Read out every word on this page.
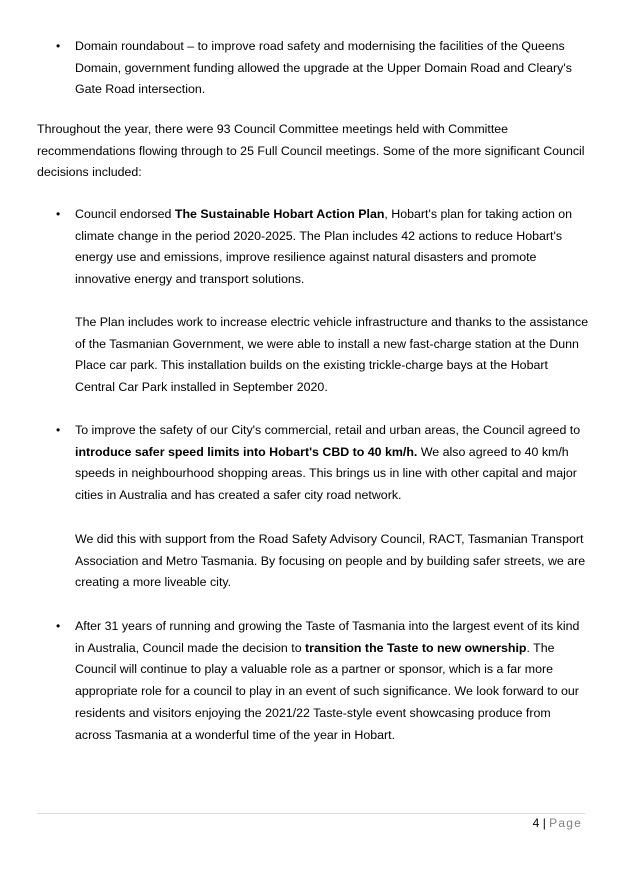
• Domain roundabout – to improve road safety and modernising the facilities of the Queens Domain, government funding allowed the upgrade at the Upper Domain Road and Cleary's Gate Road intersection.

Throughout the year, there were 93 Council Committee meetings held with Committee recommendations flowing through to 25 Full Council meetings. Some of the more significant Council decisions included:

• Council endorsed The Sustainable Hobart Action Plan, Hobart's plan for taking action on climate change in the period 2020-2025. The Plan includes 42 actions to reduce Hobart's energy use and emissions, improve resilience against natural disasters and promote innovative energy and transport solutions.

The Plan includes work to increase electric vehicle infrastructure and thanks to the assistance of the Tasmanian Government, we were able to install a new fast-charge station at the Dunn Place car park. This installation builds on the existing trickle-charge bays at the Hobart Central Car Park installed in September 2020.

• To improve the safety of our City's commercial, retail and urban areas, the Council agreed to introduce safer speed limits into Hobart's CBD to 40 km/h. We also agreed to 40 km/h speeds in neighbourhood shopping areas. This brings us in line with other capital and major cities in Australia and has created a safer city road network.

We did this with support from the Road Safety Advisory Council, RACT, Tasmanian Transport Association and Metro Tasmania. By focusing on people and by building safer streets, we are creating a more liveable city.

• After 31 years of running and growing the Taste of Tasmania into the largest event of its kind in Australia, Council made the decision to transition the Taste to new ownership. The Council will continue to play a valuable role as a partner or sponsor, which is a far more appropriate role for a council to play in an event of such significance. We look forward to our residents and visitors enjoying the 2021/22 Taste-style event showcasing produce from across Tasmania at a wonderful time of the year in Hobart.

4 | Page
